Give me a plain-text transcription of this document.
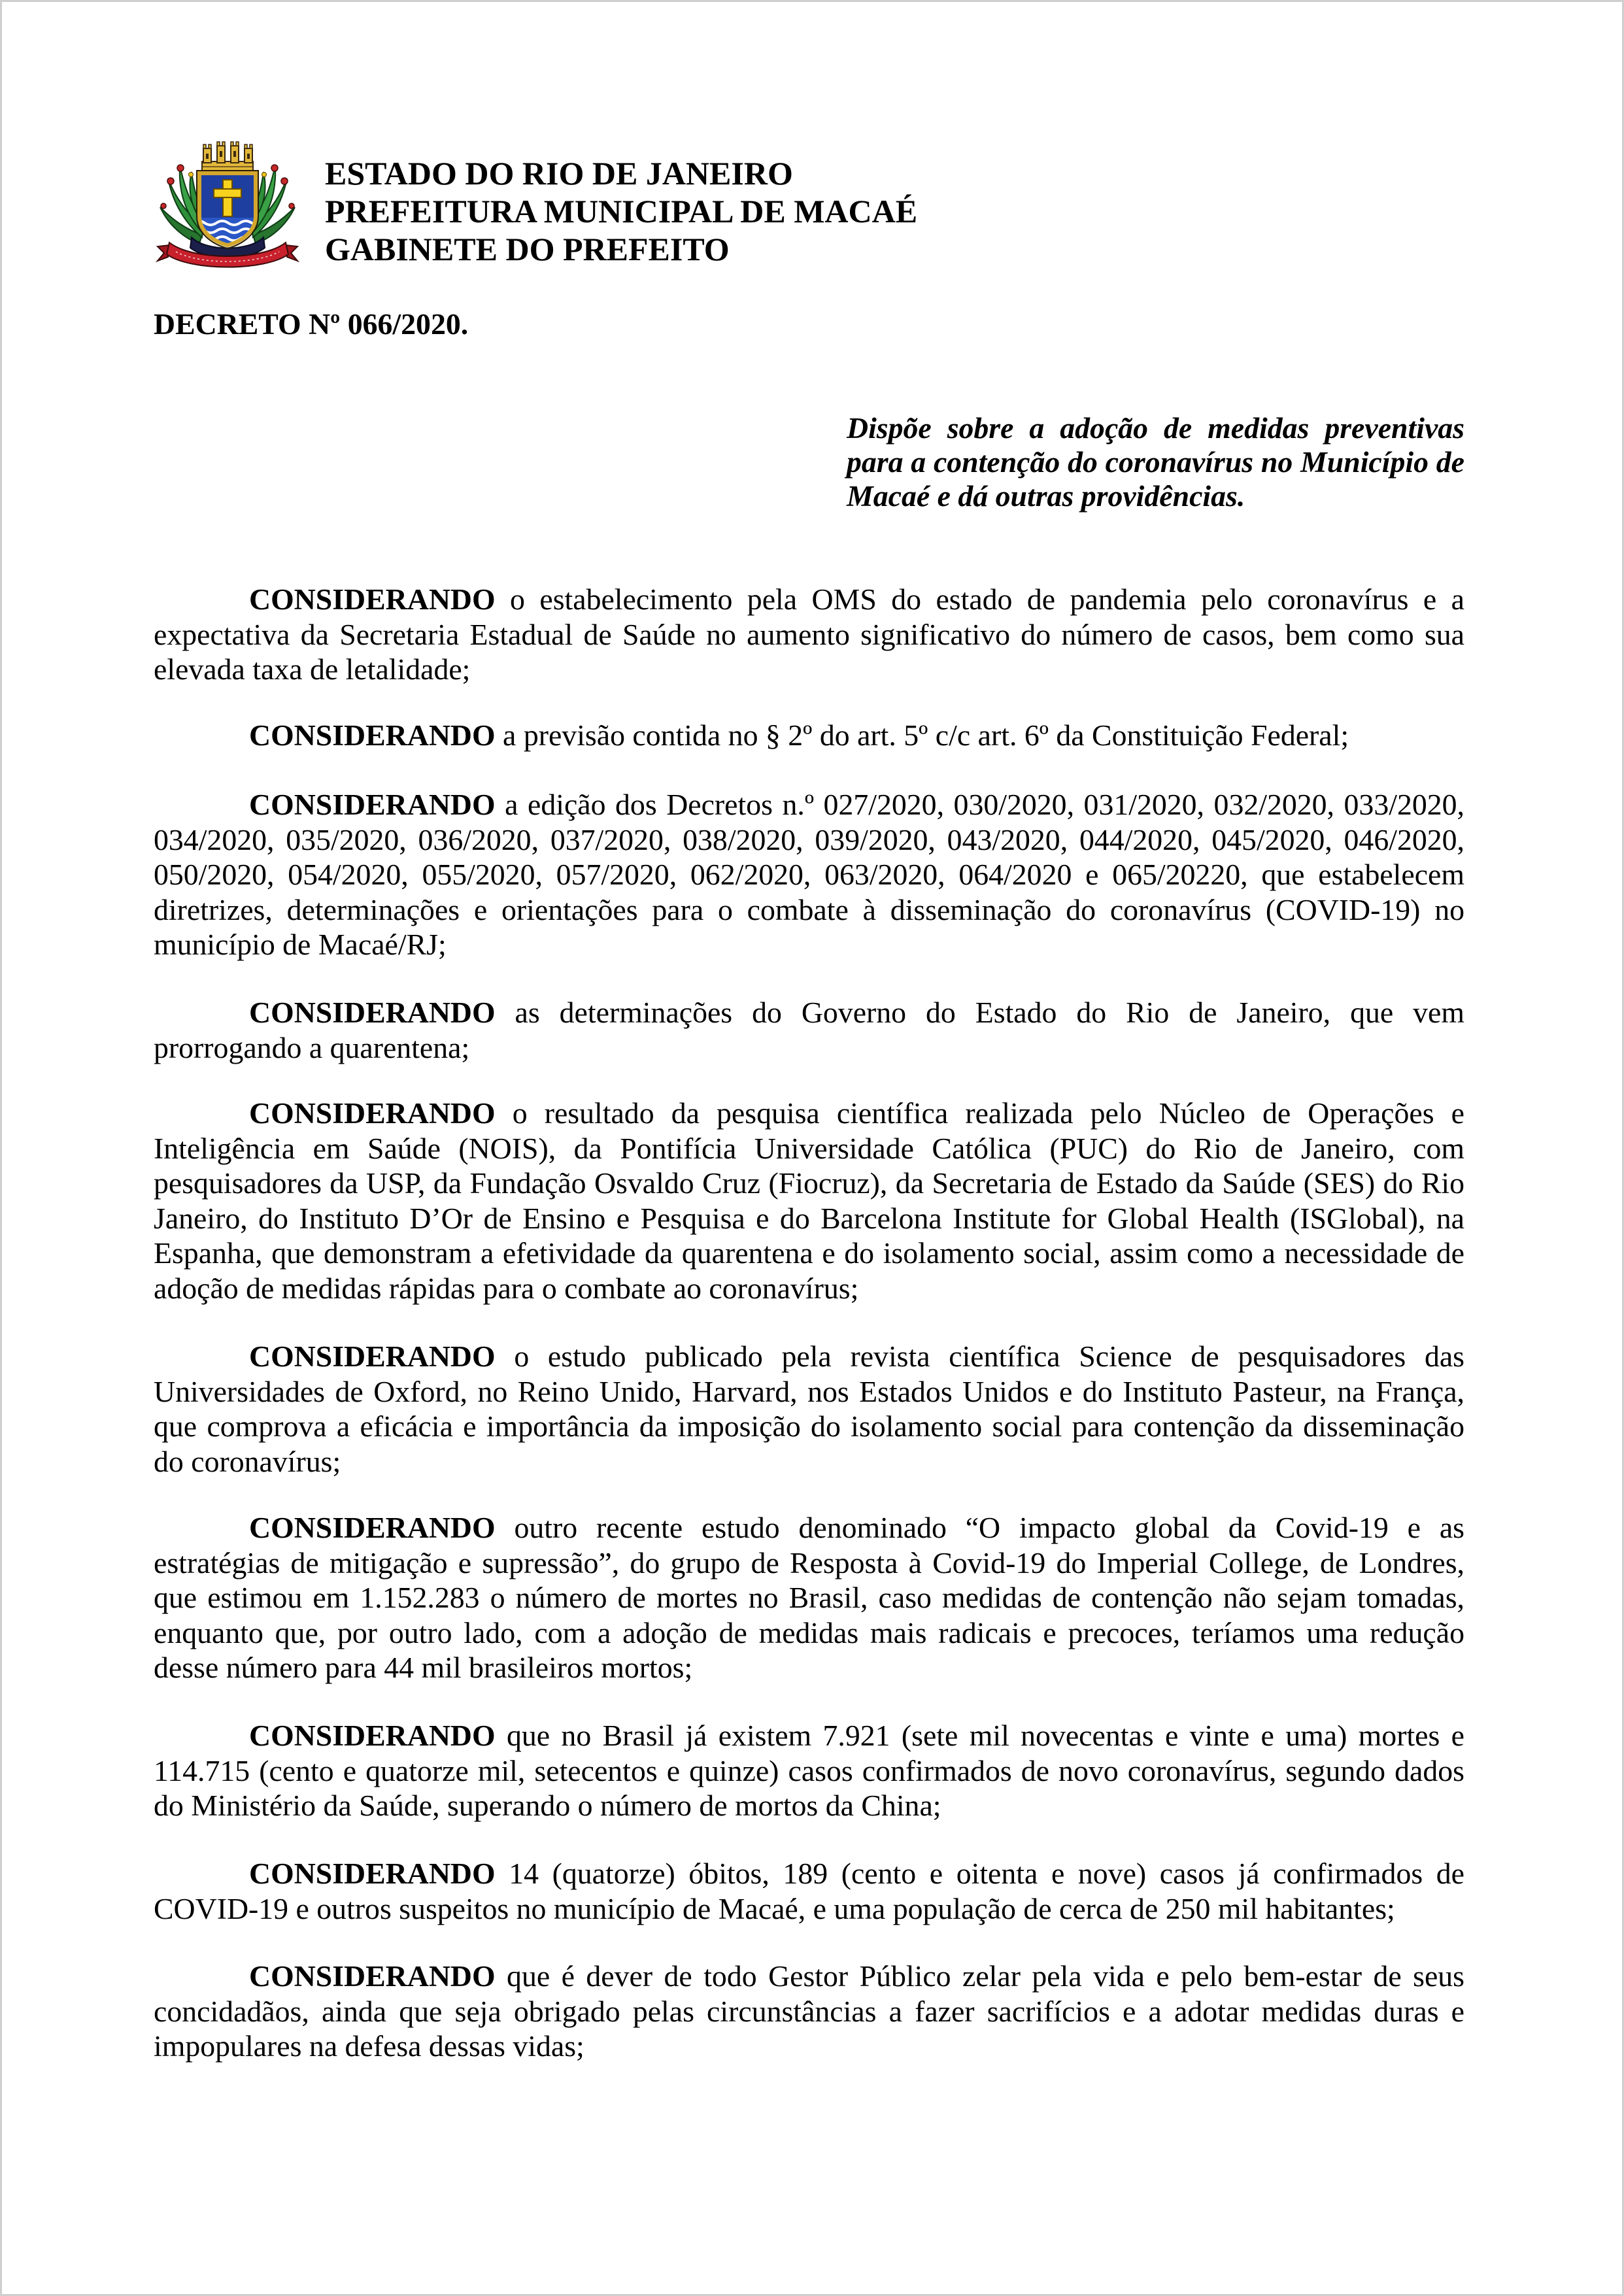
ESTADO DO RIO DE JANEIRO
PREFEITURA MUNICIPAL DE MACAÉ
GABINETE DO PREFEITO
DECRETO Nº 066/2020.

Dispõe sobre a adoção de medidas preventivas para a contenção do coronavírus no Município de Macaé e dá outras providências.

CONSIDERANDO o estabelecimento pela OMS do estado de pandemia pelo coronavírus e a expectativa da Secretaria Estadual de Saúde no aumento significativo do número de casos, bem como sua elevada taxa de letalidade;

CONSIDERANDO a previsão contida no § 2º do art. 5º c/c art. 6º da Constituição Federal;

CONSIDERANDO a edição dos Decretos n.º 027/2020, 030/2020, 031/2020, 032/2020, 033/2020, 034/2020, 035/2020, 036/2020, 037/2020, 038/2020, 039/2020, 043/2020, 044/2020, 045/2020, 046/2020, 050/2020, 054/2020, 055/2020, 057/2020, 062/2020, 063/2020, 064/2020 e 065/20220, que estabelecem diretrizes, determinações e orientações para o combate à disseminação do coronavírus (COVID-19) no município de Macaé/RJ;

CONSIDERANDO as determinações do Governo do Estado do Rio de Janeiro, que vem prorrogando a quarentena;

CONSIDERANDO o resultado da pesquisa científica realizada pelo Núcleo de Operações e Inteligência em Saúde (NOIS), da Pontifícia Universidade Católica (PUC) do Rio de Janeiro, com pesquisadores da USP, da Fundação Osvaldo Cruz (Fiocruz), da Secretaria de Estado da Saúde (SES) do Rio Janeiro, do Instituto D’Or de Ensino e Pesquisa e do Barcelona Institute for Global Health (ISGlobal), na Espanha, que demonstram a efetividade da quarentena e do isolamento social, assim como a necessidade de adoção de medidas rápidas para o combate ao coronavírus;

CONSIDERANDO o estudo publicado pela revista científica Science de pesquisadores das Universidades de Oxford, no Reino Unido, Harvard, nos Estados Unidos e do Instituto Pasteur, na França, que comprova a eficácia e importância da imposição do isolamento social para contenção da disseminação do coronavírus;

CONSIDERANDO outro recente estudo denominado “O impacto global da Covid-19 e as estratégias de mitigação e supressão”, do grupo de Resposta à Covid-19 do Imperial College, de Londres, que estimou em 1.152.283 o número de mortes no Brasil, caso medidas de contenção não sejam tomadas, enquanto que, por outro lado, com a adoção de medidas mais radicais e precoces, teríamos uma redução desse número para 44 mil brasileiros mortos;

CONSIDERANDO que no Brasil já existem 7.921 (sete mil novecentas e vinte e uma) mortes e 114.715 (cento e quatorze mil, setecentos e quinze) casos confirmados de novo coronavírus, segundo dados do Ministério da Saúde, superando o número de mortos da China;

CONSIDERANDO 14 (quatorze) óbitos, 189 (cento e oitenta e nove) casos já confirmados de COVID-19 e outros suspeitos no município de Macaé, e uma população de cerca de 250 mil habitantes;

CONSIDERANDO que é dever de todo Gestor Público zelar pela vida e pelo bem-estar de seus concidadãos, ainda que seja obrigado pelas circunstâncias a fazer sacrifícios e a adotar medidas duras e impopulares na defesa dessas vidas;
